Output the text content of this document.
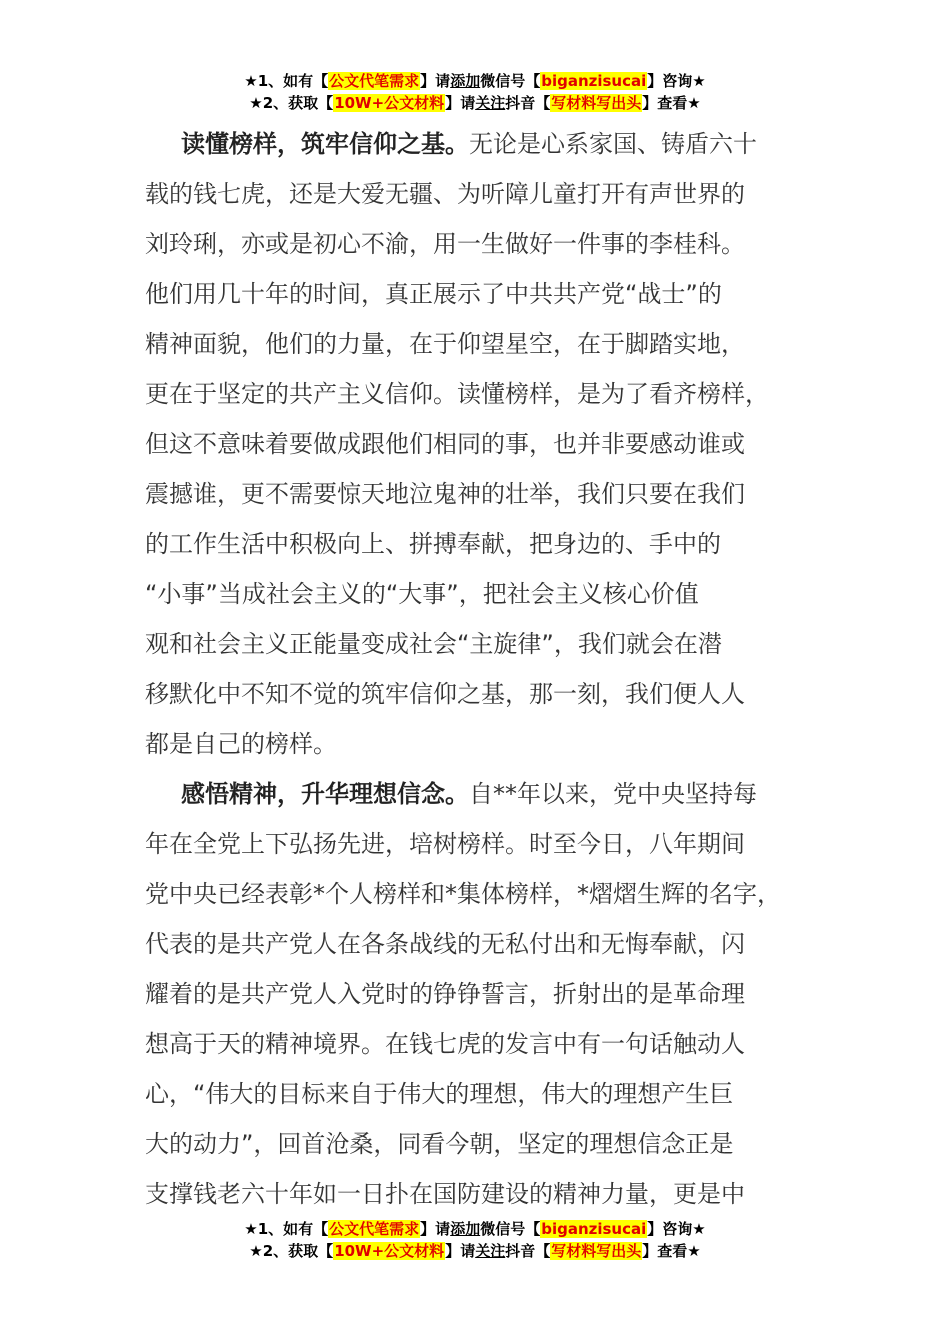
★1、如有【公文代笔需求】请添加微信号【biganzisucai】咨询★
★2、获取【10W+公文材料】请关注抖音【写材料写出头】查看★
读懂榜样，筑牢信仰之基。无论是心系家国、铸盾六十
载的钱七虎，还是大爱无疆、为听障儿童打开有声世界的
刘玲琍，亦或是初心不渝，用一生做好一件事的李桂科。
他们用几十年的时间，真正展示了中共共产党“战士”的
精神面貌，他们的力量，在于仰望星空，在于脚踏实地，
更在于坚定的共产主义信仰。读懂榜样，是为了看齐榜样，
但这不意味着要做成跟他们相同的事，也并非要感动谁或
震撼谁，更不需要惊天地泣鬼神的壮举，我们只要在我们
的工作生活中积极向上、拼搏奉献，把身边的、手中的
“小事”当成社会主义的“大事”，把社会主义核心价值
观和社会主义正能量变成社会“主旋律”，我们就会在潜
移默化中不知不觉的筑牢信仰之基，那一刻，我们便人人
都是自己的榜样。
感悟精神，升华理想信念。自**年以来，党中央坚持每
年在全党上下弘扬先进，培树榜样。时至今日，八年期间
党中央已经表彰*个人榜样和*集体榜样，*熠熠生辉的名字，
代表的是共产党人在各条战线的无私付出和无悔奉献，闪
耀着的是共产党人入党时的铮铮誓言，折射出的是革命理
想高于天的精神境界。在钱七虎的发言中有一句话触动人
心，“伟大的目标来自于伟大的理想，伟大的理想产生巨
大的动力”，回首沧桑，同看今朝，坚定的理想信念正是
支撑钱老六十年如一日扑在国防建设的精神力量，更是中
★1、如有【公文代笔需求】请添加微信号【biganzisucai】咨询★
★2、获取【10W+公文材料】请关注抖音【写材料写出头】查看★
